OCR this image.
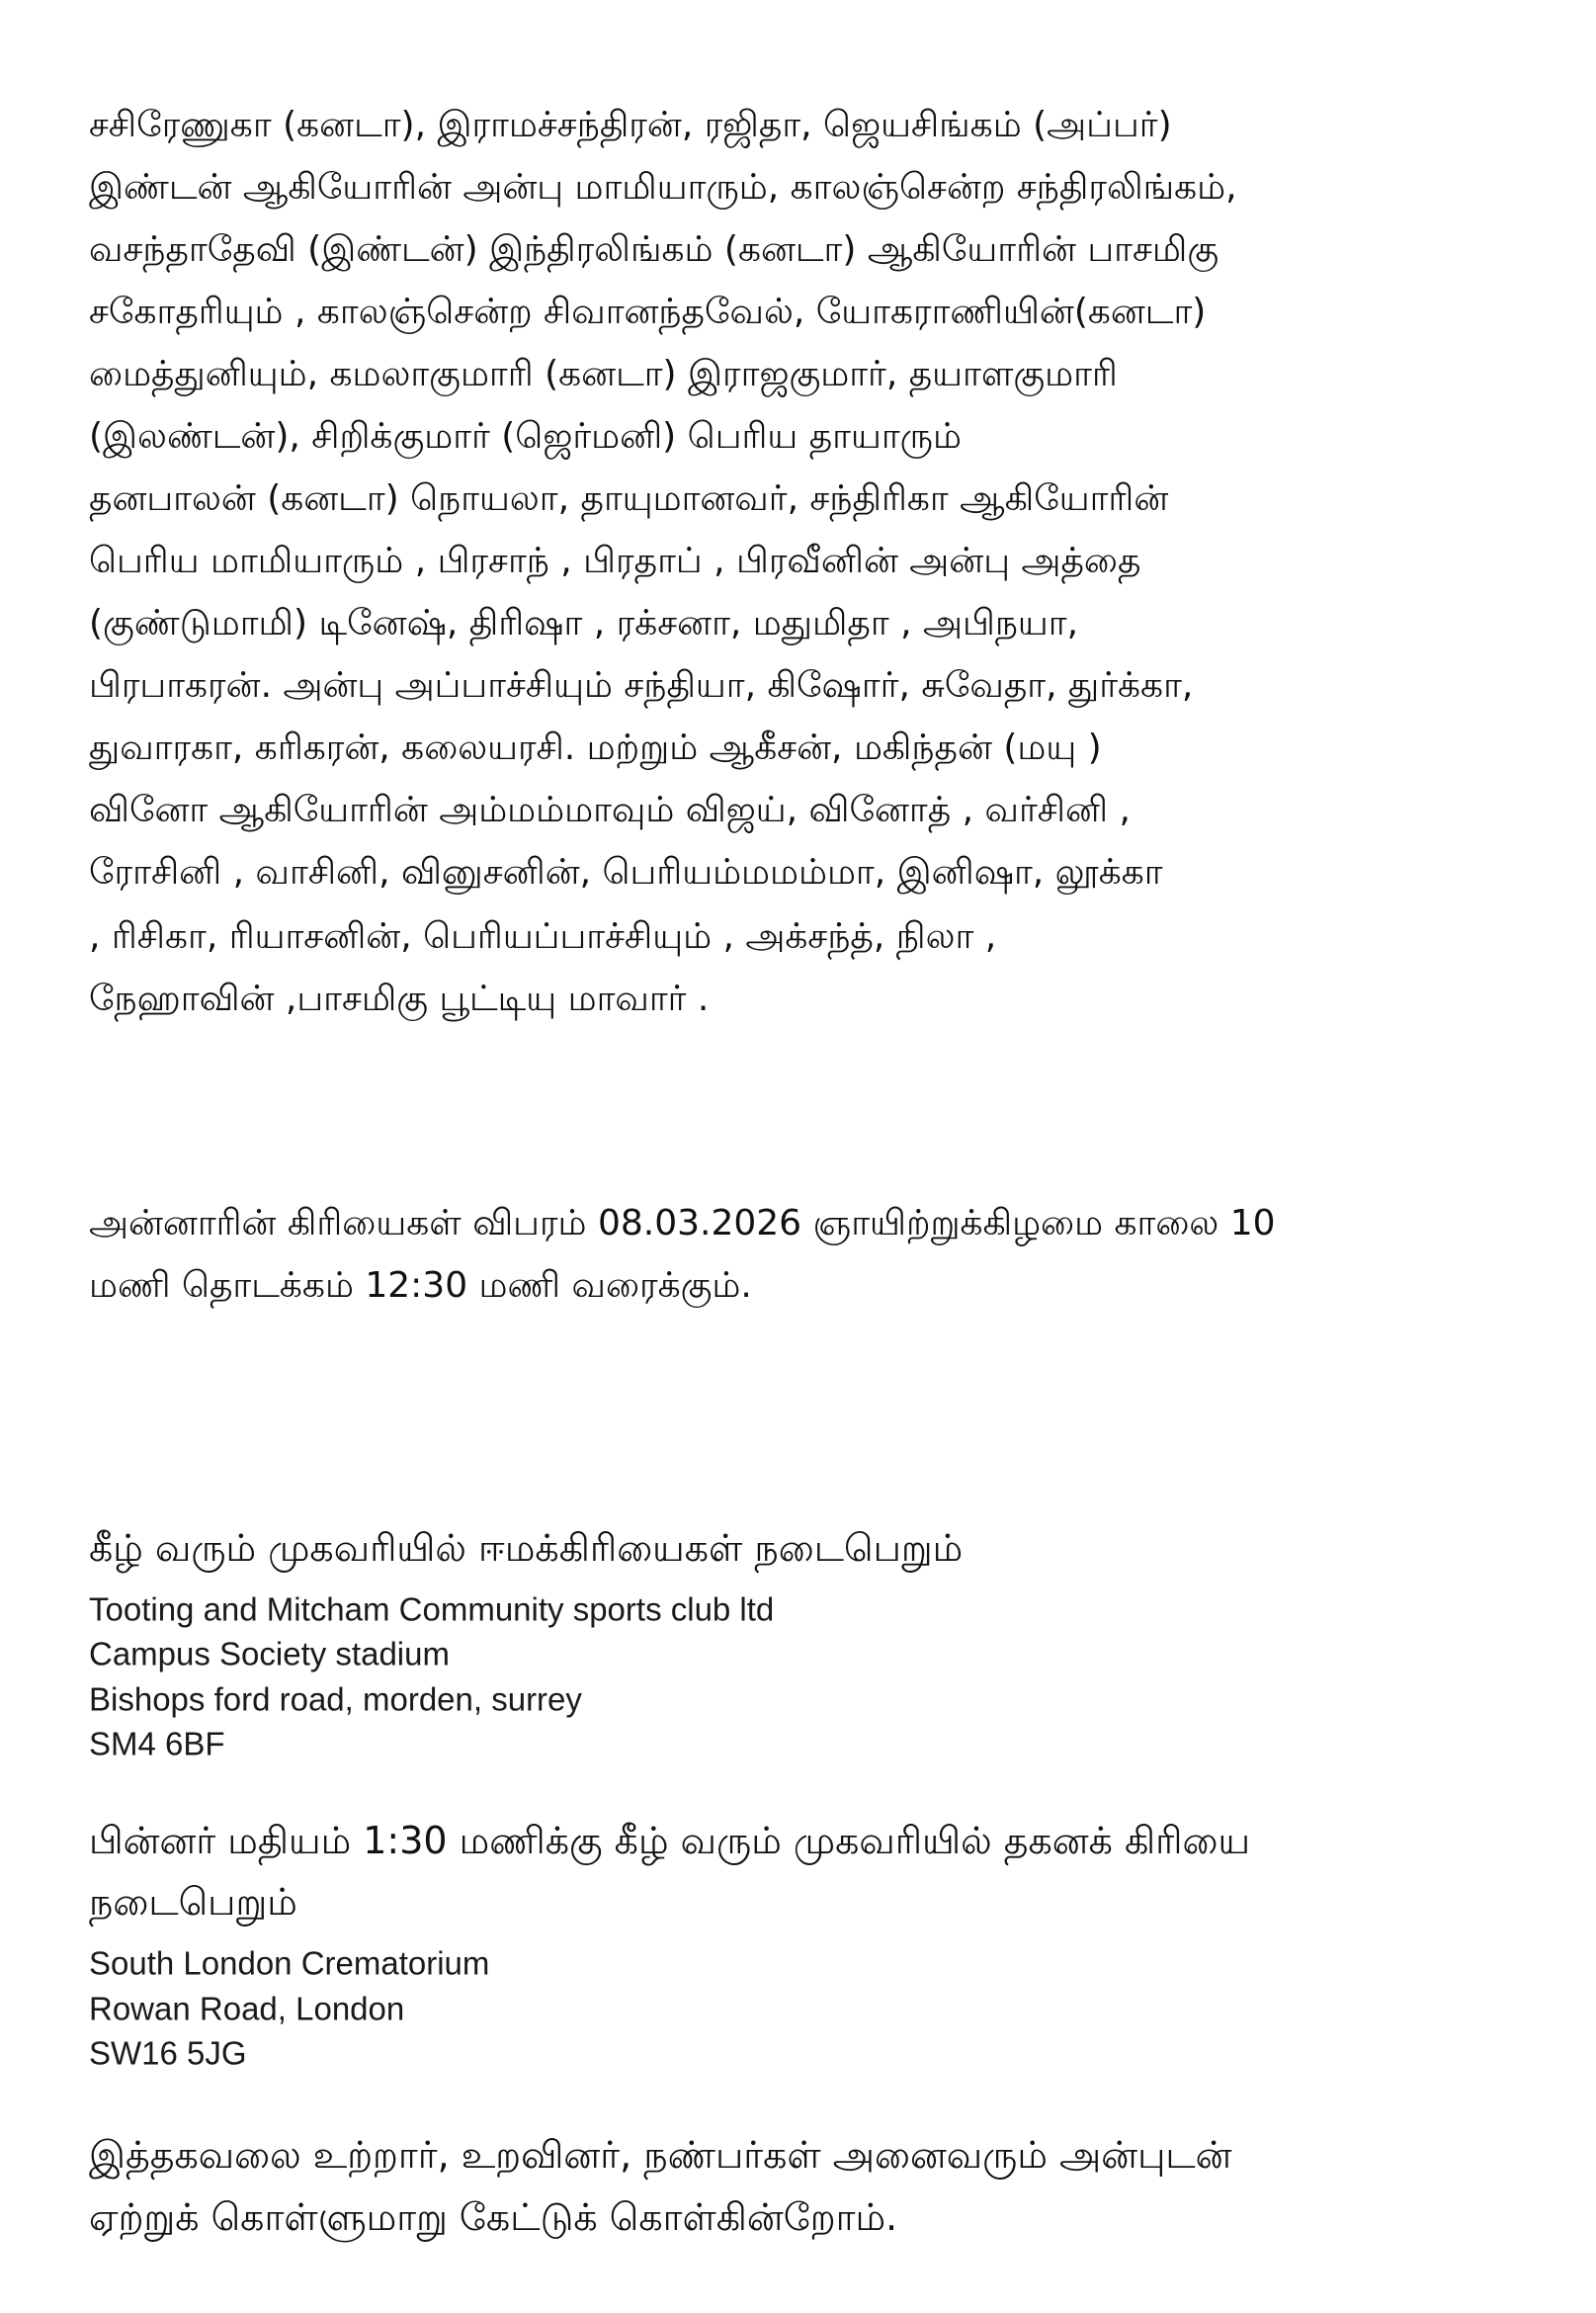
சசிரேணுகா (கனடா), இராமச்சந்திரன், ரஜிதா, ஜெயசிங்கம் (அப்பர்)
இண்டன் ஆகியோரின் அன்பு மாமியாரும், காலஞ்சென்ற சந்திரலிங்கம்,
வசந்தாதேவி (இண்டன்) இந்திரலிங்கம் (கனடா) ஆகியோரின் பாசமிகு
சகோதரியும் , காலஞ்சென்ற சிவானந்தவேல், யோகராணியின்(கனடா)
மைத்துனியும், கமலாகுமாரி (கனடா) இராஜகுமார், தயாளகுமாரி
(இலண்டன்), சிறிக்குமார் (ஜெர்மனி) பெரிய தாயாரும்
தனபாலன் (கனடா) நொயலா, தாயுமானவர், சந்திரிகா ஆகியோரின்
பெரிய மாமியாரும் , பிரசாந் , பிரதாப் , பிரவீனின் அன்பு அத்தை
(குண்டுமாமி) டினேஷ், திரிஷா , ரக்சனா, மதுமிதா , அபிநயா,
பிரபாகரன். அன்பு அப்பாச்சியும் சந்தியா, கிஷோர், சுவேதா, துர்க்கா,
துவாரகா, கரிகரன், கலையரசி. மற்றும் ஆகீசன், மகிந்தன் (மயு )
வினோ ஆகியோரின் அம்மம்மாவும் விஜய், வினோத் , வர்சினி ,
ரோசினி , வாசினி, வினுசனின், பெரியம்மமம்மா, இனிஷா, லூக்கா
, ரிசிகா, ரியாசனின், பெரியப்பாச்சியும் , அக்சந்த், நிலா ,
நேஹாவின் ,பாசமிகு பூட்டியு மாவார் .
அன்னாரின் கிரியைகள் விபரம் 08.03.2026 ஞாயிற்றுக்கிழமை காலை 10
மணி தொடக்கம் 12:30 மணி வரைக்கும்.
கீழ் வரும் முகவரியில் ஈமக்கிரியைகள் நடைபெறும்
Tooting and Mitcham Community sports club ltd
Campus Society stadium
Bishops ford road, morden, surrey
SM4 6BF
பின்னர் மதியம் 1:30 மணிக்கு கீழ் வரும் முகவரியில் தகனக் கிரியை
நடைபெறும்
South London Crematorium
Rowan Road, London
SW16 5JG
இத்தகவலை உற்றார், உறவினர், நண்பர்கள் அனைவரும் அன்புடன்
ஏற்றுக் கொள்ளுமாறு கேட்டுக் கொள்கின்றோம்.
